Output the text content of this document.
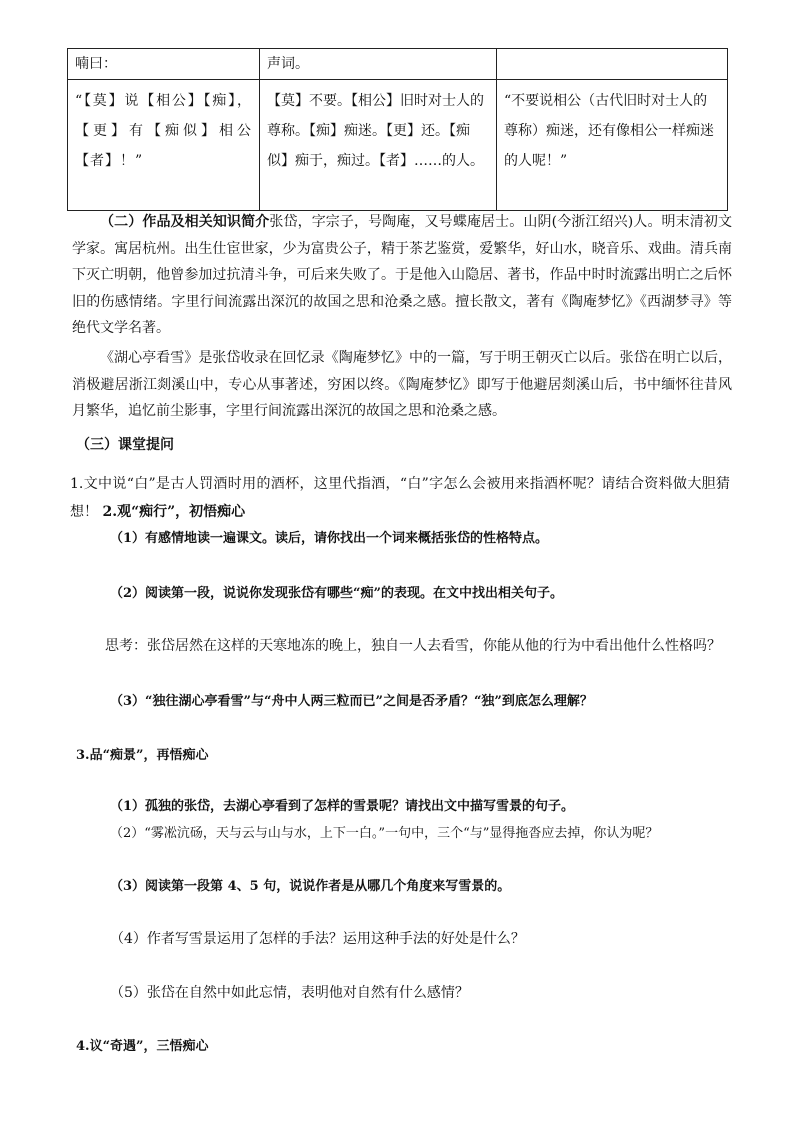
喃曰：	声词。	
“【莫】说【相公】【痴】，【更】有【痴似】相公【者】！”	【莫】不要。【相公】旧时对士人的尊称。【痴】痴迷。【更】还。【痴似】痴于，痴过。【者】……的人。	“不要说相公（古代旧时对士人的尊称）痴迷，还有像相公一样痴迷的人呢！”
（二）作品及相关知识简介张岱，字宗子，号陶庵，又号蝶庵居士。山阴(今浙江绍兴)人。明末清初文学家。寓居杭州。出生仕宦世家，少为富贵公子，精于茶艺鉴赏，爱繁华，好山水，晓音乐、戏曲。清兵南下灭亡明朝，他曾参加过抗清斗争，可后来失败了。于是他入山隐居、著书，作品中时时流露出明亡之后怀旧的伤感情绪。字里行间流露出深沉的故国之思和沧桑之感。擅长散文，著有《陶庵梦忆》《西湖梦寻》等绝代文学名著。
《湖心亭看雪》是张岱收录在回忆录《陶庵梦忆》中的一篇，写于明王朝灭亡以后。张岱在明亡以后，消极避居浙江剡溪山中，专心从事著述，穷困以终。《陶庵梦忆》即写于他避居剡溪山后，书中缅怀往昔风月繁华，追忆前尘影事，字里行间流露出深沉的故国之思和沧桑之感。
（三）课堂提问
1.文中说“白”是古人罚酒时用的酒杯，这里代指酒，“白”字怎么会被用来指酒杯呢？请结合资料做大胆猜想！ 2.观“痴行”，初悟痴心
（1）有感情地读一遍课文。读后，请你找出一个词来概括张岱的性格特点。
（2）阅读第一段，说说你发现张岱有哪些“痴”的表现。在文中找出相关句子。
思考：张岱居然在这样的天寒地冻的晚上，独自一人去看雪，你能从他的行为中看出他什么性格吗？
（3）“独往湖心亭看雪”与“舟中人两三粒而已”之间是否矛盾？“独”到底怎么理解？
3.品“痴景”，再悟痴心
（1）孤独的张岱，去湖心亭看到了怎样的雪景呢？请找出文中描写雪景的句子。
（2）“雾凇沆砀，天与云与山与水，上下一白。”一句中，三个“与”显得拖沓应去掉，你认为呢？
（3）阅读第一段第 4、5 句，说说作者是从哪几个角度来写雪景的。
（4）作者写雪景运用了怎样的手法？运用这种手法的好处是什么？
（5）张岱在自然中如此忘情，表明他对自然有什么感情？
4.议“奇遇”，三悟痴心
